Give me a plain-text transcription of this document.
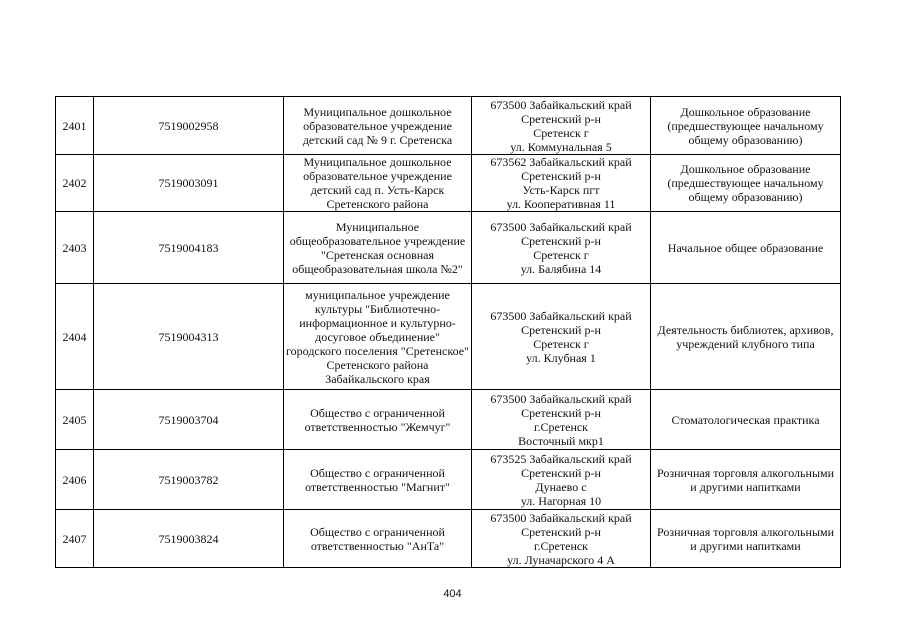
2401	7519002958	Муниципальное дошкольное образовательное учреждение детский сад № 9 г. Сретенска	673500 Забайкальский край
Сретенский р-н
Сретенск г
ул. Коммунальная 5	Дошкольное образование (предшествующее начальному общему образованию)
2402	7519003091	Муниципальное дошкольное образовательное учреждение детский сад п. Усть-Карск Сретенского района	673562 Забайкальский край
Сретенский р-н
Усть-Карск пгт
ул. Кооперативная 11	Дошкольное образование (предшествующее начальному общему образованию)
2403	7519004183	Муниципальное общеобразовательное учреждение "Сретенская основная общеобразовательная школа №2"	673500 Забайкальский край
Сретенский р-н
Сретенск г
ул. Балябина 14	Начальное общее образование
2404	7519004313	муниципальное учреждение культуры "Библиотечно-информационное и культурно-досуговое объединение" городского поселения "Сретенское" Сретенского района Забайкальского края	673500 Забайкальский край
Сретенский р-н
Сретенск г
ул. Клубная 1	Деятельность библиотек, архивов, учреждений клубного типа
2405	7519003704	Общество с ограниченной ответственностью "Жемчуг"	673500 Забайкальский край
Сретенский р-н
г.Сретенск
Восточный мкр1	Стоматологическая практика
2406	7519003782	Общество с ограниченной ответственностью "Магнит"	673525 Забайкальский край
Сретенский р-н
Дунаево с
ул. Нагорная 10	Розничная торговля алкогольными и другими напитками
2407	7519003824	Общество с ограниченной ответственностью "АнТа"	673500 Забайкальский край
Сретенский р-н
г.Сретенск
ул. Луначарского 4 А	Розничная торговля алкогольными и другими напитками
404
